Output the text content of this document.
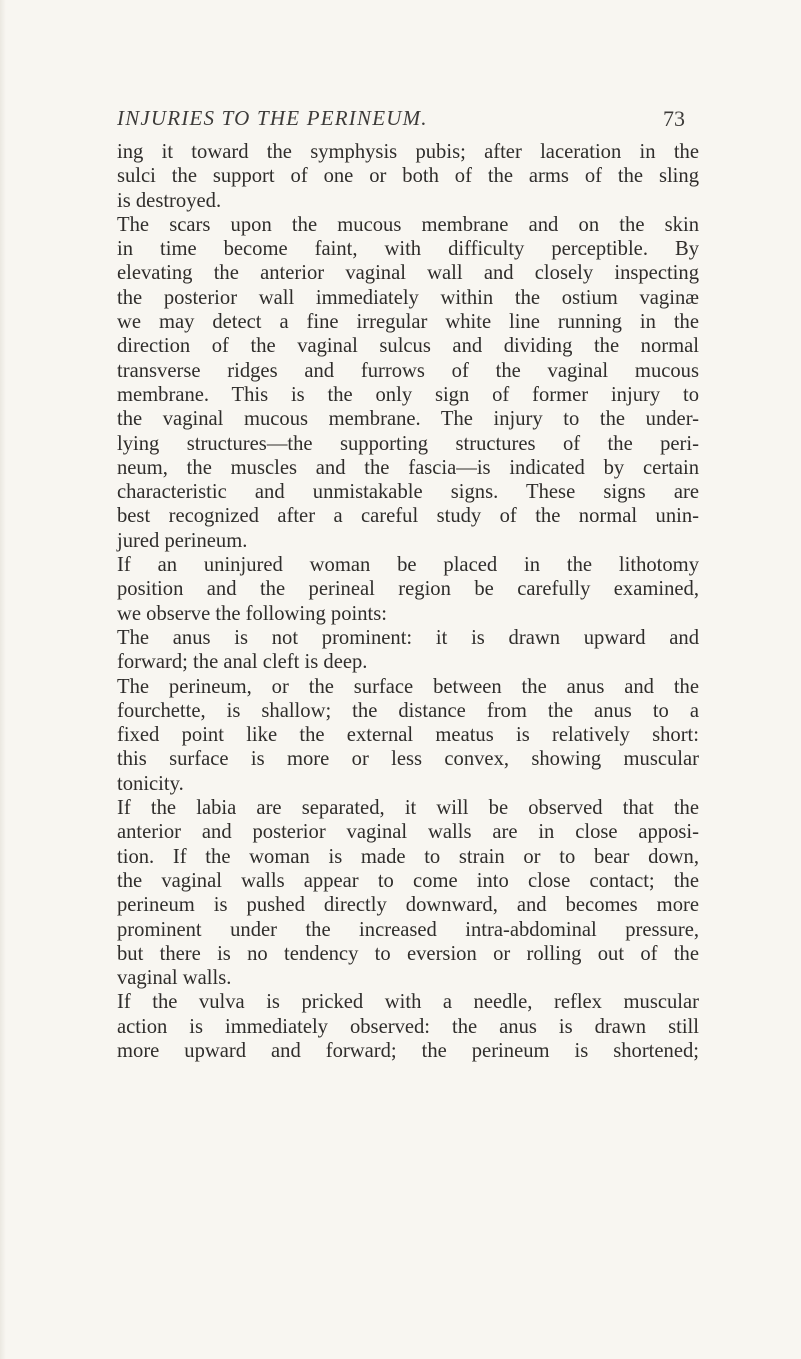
INJURIES TO THE PERINEUM.	73
ing it toward the symphysis pubis; after laceration in the
sulci the support of one or both of the arms of the sling
is destroyed.
The scars upon the mucous membrane and on the skin
in time become faint, with difficulty perceptible. By
elevating the anterior vaginal wall and closely inspecting
the posterior wall immediately within the ostium vaginæ
we may detect a fine irregular white line running in the
direction of the vaginal sulcus and dividing the normal
transverse ridges and furrows of the vaginal mucous
membrane. This is the only sign of former injury to
the vaginal mucous membrane. The injury to the under-
lying structures—the supporting structures of the peri-
neum, the muscles and the fascia—is indicated by certain
characteristic and unmistakable signs. These signs are
best recognized after a careful study of the normal unin-
jured perineum.
If an uninjured woman be placed in the lithotomy
position and the perineal region be carefully examined,
we observe the following points:
The anus is not prominent: it is drawn upward and
forward; the anal cleft is deep.
The perineum, or the surface between the anus and the
fourchette, is shallow; the distance from the anus to a
fixed point like the external meatus is relatively short:
this surface is more or less convex, showing muscular
tonicity.
If the labia are separated, it will be observed that the
anterior and posterior vaginal walls are in close apposi-
tion. If the woman is made to strain or to bear down,
the vaginal walls appear to come into close contact; the
perineum is pushed directly downward, and becomes more
prominent under the increased intra-abdominal pressure,
but there is no tendency to eversion or rolling out of the
vaginal walls.
If the vulva is pricked with a needle, reflex muscular
action is immediately observed: the anus is drawn still
more upward and forward; the perineum is shortened;
